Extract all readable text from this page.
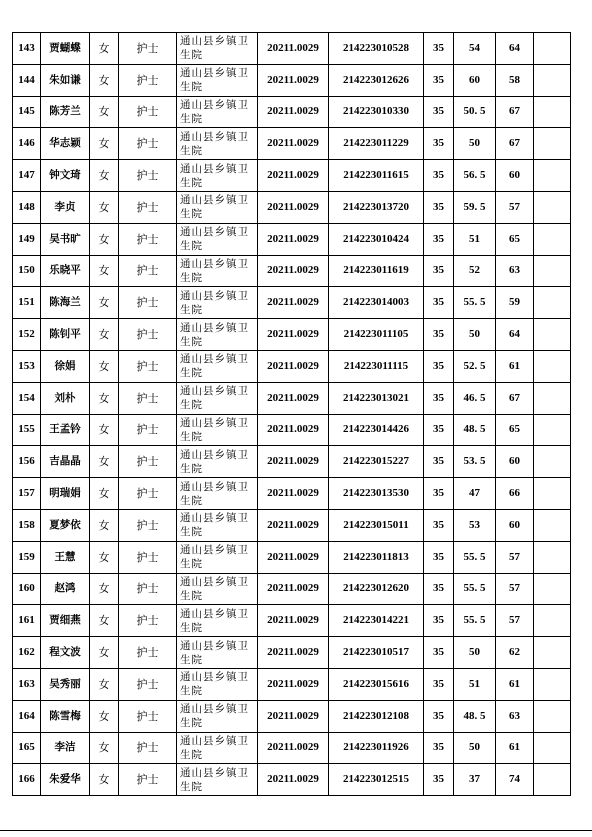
143	贾蝴蝶	女	护士	通山县乡镇卫生院	20211.0029	214223010528	35	54	64	
144	朱如谦	女	护士	通山县乡镇卫生院	20211.0029	214223012626	35	60	58	
145	陈芳兰	女	护士	通山县乡镇卫生院	20211.0029	214223010330	35	50. 5	67	
146	华志颖	女	护士	通山县乡镇卫生院	20211.0029	214223011229	35	50	67	
147	钟文琦	女	护士	通山县乡镇卫生院	20211.0029	214223011615	35	56. 5	60	
148	李贞	女	护士	通山县乡镇卫生院	20211.0029	214223013720	35	59. 5	57	
149	吴书旷	女	护士	通山县乡镇卫生院	20211.0029	214223010424	35	51	65	
150	乐晓平	女	护士	通山县乡镇卫生院	20211.0029	214223011619	35	52	63	
151	陈海兰	女	护士	通山县乡镇卫生院	20211.0029	214223014003	35	55. 5	59	
152	陈钊平	女	护士	通山县乡镇卫生院	20211.0029	214223011105	35	50	64	
153	徐娟	女	护士	通山县乡镇卫生院	20211.0029	214223011115	35	52. 5	61	
154	刘朴	女	护士	通山县乡镇卫生院	20211.0029	214223013021	35	46. 5	67	
155	王孟钤	女	护士	通山县乡镇卫生院	20211.0029	214223014426	35	48. 5	65	
156	吉晶晶	女	护士	通山县乡镇卫生院	20211.0029	214223015227	35	53. 5	60	
157	明瑞娟	女	护士	通山县乡镇卫生院	20211.0029	214223013530	35	47	66	
158	夏梦依	女	护士	通山县乡镇卫生院	20211.0029	214223015011	35	53	60	
159	王慧	女	护士	通山县乡镇卫生院	20211.0029	214223011813	35	55. 5	57	
160	赵鸿	女	护士	通山县乡镇卫生院	20211.0029	214223012620	35	55. 5	57	
161	贾细燕	女	护士	通山县乡镇卫生院	20211.0029	214223014221	35	55. 5	57	
162	程文波	女	护士	通山县乡镇卫生院	20211.0029	214223010517	35	50	62	
163	吴秀丽	女	护士	通山县乡镇卫生院	20211.0029	214223015616	35	51	61	
164	陈雪梅	女	护士	通山县乡镇卫生院	20211.0029	214223012108	35	48. 5	63	
165	李洁	女	护士	通山县乡镇卫生院	20211.0029	214223011926	35	50	61	
166	朱爱华	女	护士	通山县乡镇卫生院	20211.0029	214223012515	35	37	74	
